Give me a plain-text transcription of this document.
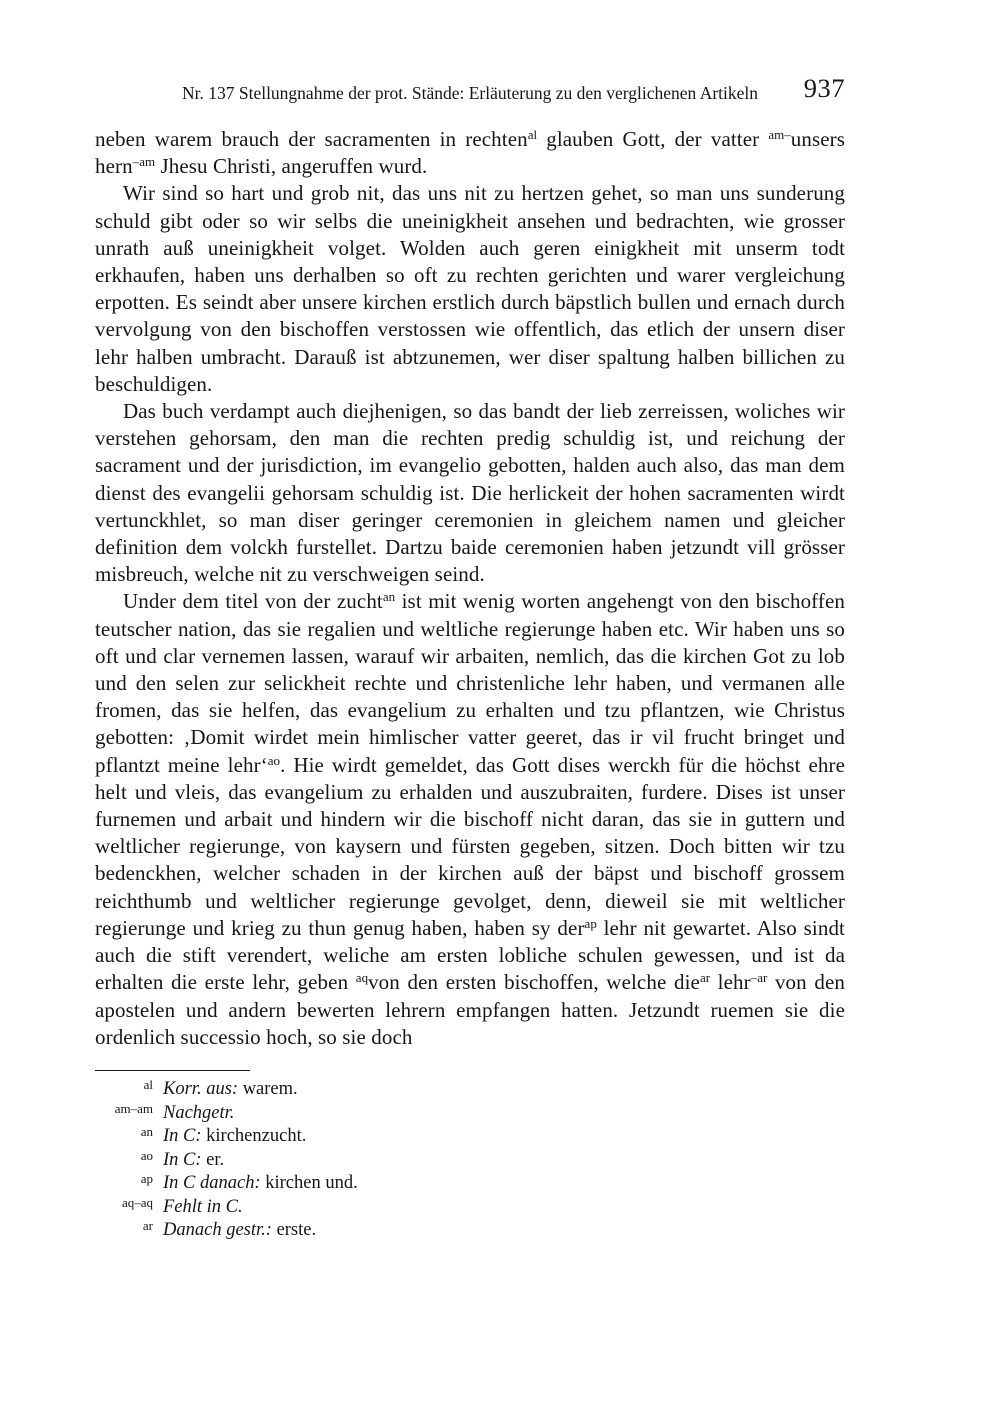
Nr. 137 Stellungnahme der prot. Stände: Erläuterung zu den verglichenen Artikeln 937

neben warem brauch der sacramenten in rechten$^{al}$ glauben Gott, der vatter $^{am-}$unsers hern$^{-am}$ Jhesu Christi, angeruffen wurd.

Wir sind so hart und grob nit, das uns nit zu hertzen gehet, so man uns sunderung schuld gibt oder so wir selbs die uneinigkheit ansehen und bedrachten, wie grosser unrath auß uneinigkheit volget. Wolden auch geren einigkheit mit unserm todt erkhaufen, haben uns derhalben so oft zu rechten gerichten und warer vergleichung erpotten. Es seindt aber unsere kirchen erstlich durch bäpstlich bullen und ernach durch vervolgung von den bischoffen verstossen wie offentlich, das etlich der unsern diser lehr halben umbracht. Darauß ist abtzunemen, wer diser spaltung halben billichen zu beschuldigen.

Das buch verdampt auch diejhenigen, so das bandt der lieb zerreissen, woliches wir verstehen gehorsam, den man die rechten predig schuldig ist, und reichung der sacrament und der jurisdiction, im evangelio gebotten, halden auch also, das man dem dienst des evangelii gehorsam schuldig ist. Die herlickeit der hohen sacramenten wirdt vertunckhlet, so man diser geringer ceremonien in gleichem namen und gleicher definition dem volckh furstellet. Dartzu baide ceremonien haben jetzundt vill grösser misbreuch, welche nit zu verschweigen seind.

Under dem titel von der zucht$^{an}$ ist mit wenig worten angehengt von den bischoffen teutscher nation, das sie regalien und weltliche regierunge haben etc. Wir haben uns so oft und clar vernemen lassen, warauf wir arbaiten, nemlich, das die kirchen Got zu lob und den selen zur selickheit rechte und christenliche lehr haben, und vermanen alle fromen, das sie helfen, das evangelium zu erhalten und tzu pflantzen, wie Christus gebotten: ‚Domit wirdet mein himlischer vatter geeret, das ir vil frucht bringet und pflantzt meine lehr‘$^{ao}$. Hie wirdt gemeldet, das Gott dises werckh für die höchst ehre helt und vleis, das evangelium zu erhalden und auszubraiten, furdere. Dises ist unser furnemen und arbait und hindern wir die bischoff nicht daran, das sie in guttern und weltlicher regierunge, von kaysern und fürsten gegeben, sitzen. Doch bitten wir tzu bedenckhen, welcher schaden in der kirchen auß der bäpst und bischoff grossem reichthumb und weltlicher regierunge gevolget, denn, dieweil sie mit weltlicher regierunge und krieg zu thun genug haben, haben sy der$^{ap}$ lehr nit gewartet. Also sindt auch die stift verendert, weliche am ersten lobliche schulen gewessen, und ist da erhalten die erste lehr, geben $^{aq}$von den ersten bischoffen, welche die$^{ar}$ lehr$^{-ar}$ von den apostelen und andern bewerten lehrern empfangen hatten. Jetzundt ruemen sie die ordenlich successio hoch, so sie doch

al Korr. aus: warem.
am–am Nachgetr.
an In C: kirchenzucht.
ao In C: er.
ap In C danach: kirchen und.
aq–aq Fehlt in C.
ar Danach gestr.: erste.
